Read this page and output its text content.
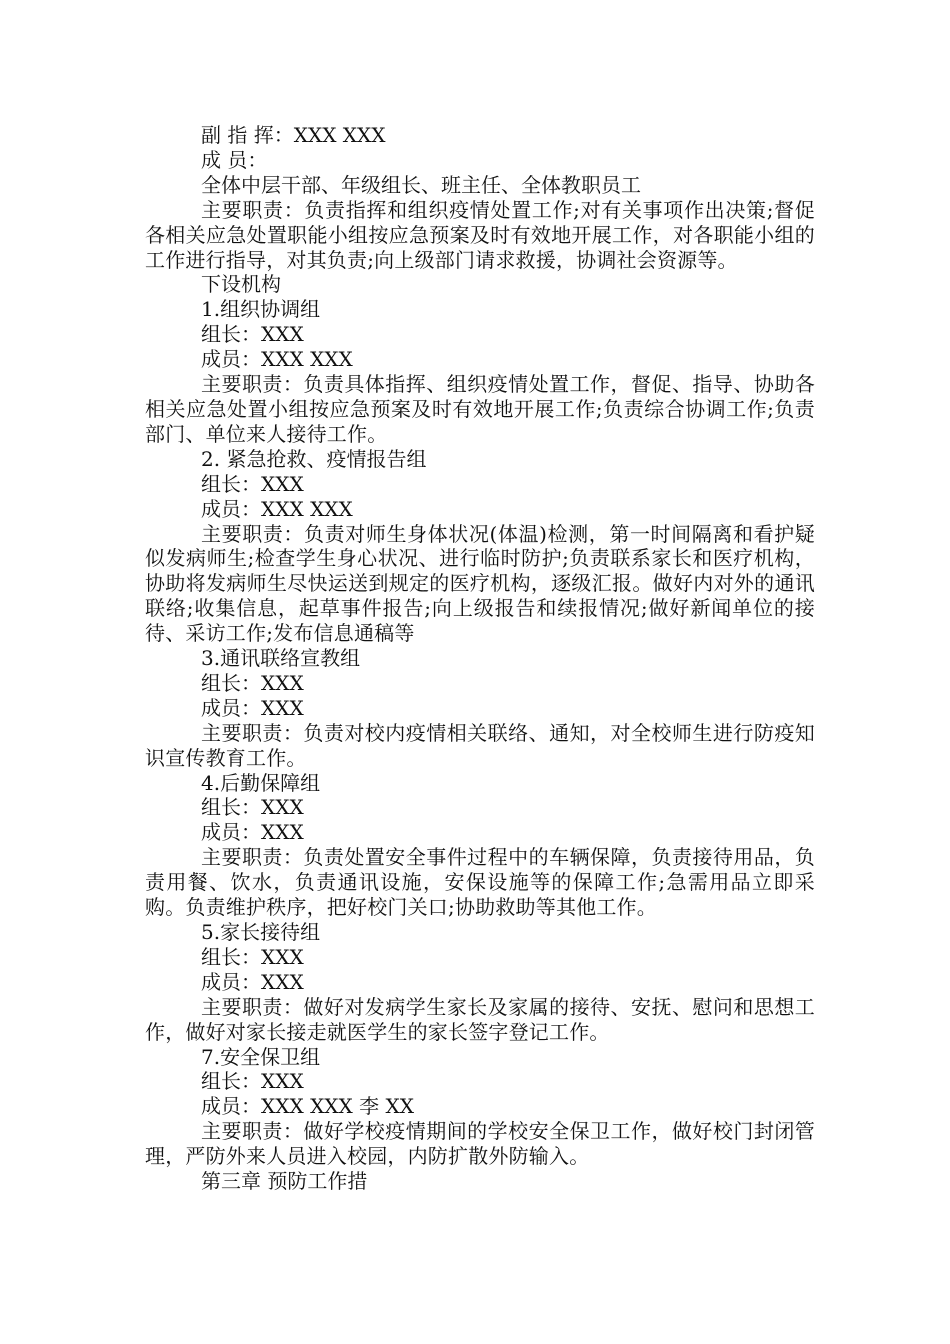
副 指 挥：XXX XXX
成 员：
全体中层干部、年级组长、班主任、全体教职员工
主要职责：负责指挥和组织疫情处置工作;对有关事项作出决策;督促各相关应急处置职能小组按应急预案及时有效地开展工作，对各职能小组的工作进行指导，对其负责;向上级部门请求救援，协调社会资源等。
下设机构
1.组织协调组
组长：XXX
成员：XXX XXX
主要职责：负责具体指挥、组织疫情处置工作，督促、指导、协助各相关应急处置小组按应急预案及时有效地开展工作;负责综合协调工作;负责部门、单位来人接待工作。
2. 紧急抢救、疫情报告组
组长：XXX
成员：XXX XXX
主要职责：负责对师生身体状况(体温)检测，第一时间隔离和看护疑似发病师生;检查学生身心状况、进行临时防护;负责联系家长和医疗机构，协助将发病师生尽快运送到规定的医疗机构，逐级汇报。做好内对外的通讯联络;收集信息，起草事件报告;向上级报告和续报情况;做好新闻单位的接待、采访工作;发布信息通稿等
3.通讯联络宣教组
组长：XXX
成员：XXX
主要职责：负责对校内疫情相关联络、通知，对全校师生进行防疫知识宣传教育工作。
4.后勤保障组
组长：XXX
成员：XXX
主要职责：负责处置安全事件过程中的车辆保障，负责接待用品，负责用餐、饮水，负责通讯设施，安保设施等的保障工作;急需用品立即采购。负责维护秩序，把好校门关口;协助救助等其他工作。
5.家长接待组
组长：XXX
成员：XXX
主要职责：做好对发病学生家长及家属的接待、安抚、慰问和思想工作，做好对家长接走就医学生的家长签字登记工作。
7.安全保卫组
组长：XXX
成员：XXX XXX 李 XX
主要职责：做好学校疫情期间的学校安全保卫工作，做好校门封闭管理，严防外来人员进入校园，内防扩散外防输入。
第三章 预防工作措
